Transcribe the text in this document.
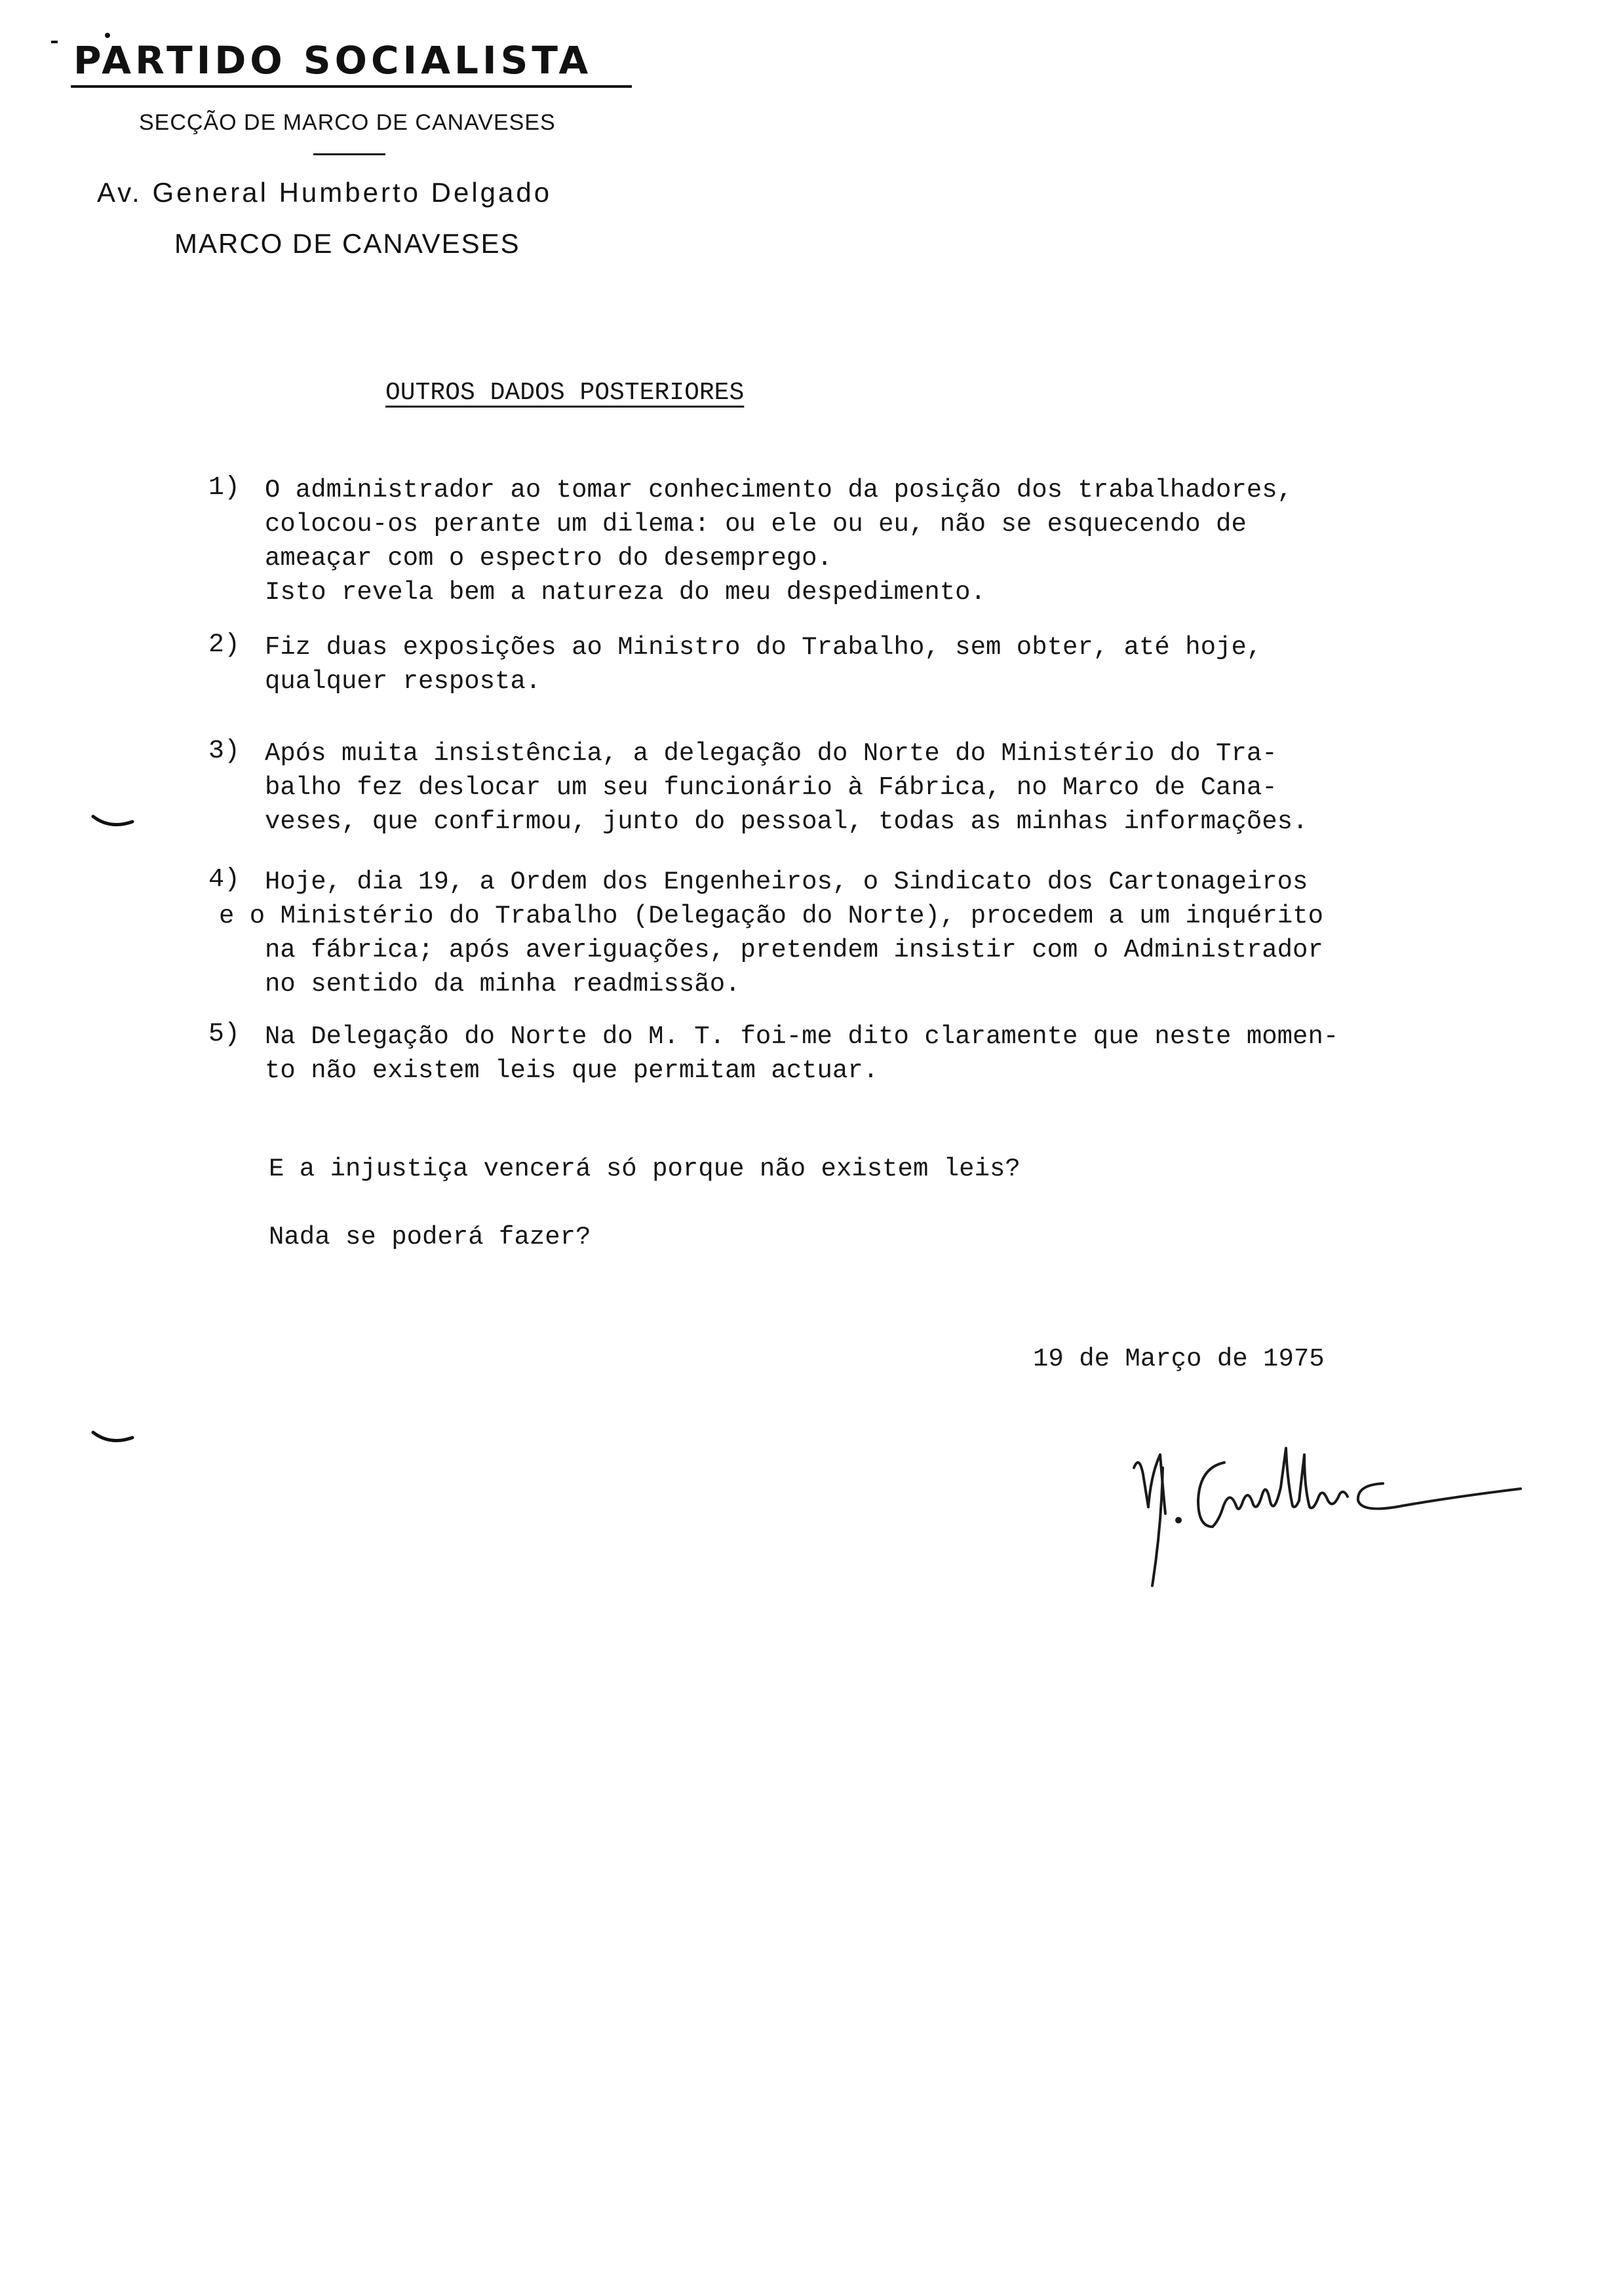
PARTIDO SOCIALISTA
SECÇÃO DE MARCO DE CANAVESES
Av. General Humberto Delgado
MARCO DE CANAVESES
OUTROS DADOS POSTERIORES
1) O administrador ao tomar conhecimento da posição dos trabalhadores,
colocou-os perante um dilema: ou ele ou eu, não se esquecendo de
ameaçar com o espectro do desemprego.
Isto revela bem a natureza do meu despedimento.
2) Fiz duas exposições ao Ministro do Trabalho, sem obter, até hoje,
qualquer resposta.
3) Após muita insistência, a delegação do Norte do Ministério do Tra-
balho fez deslocar um seu funcionário à Fábrica, no Marco de Cana-
veses, que confirmou, junto do pessoal, todas as minhas informações.
4) Hoje, dia 19, a Ordem dos Engenheiros, o Sindicato dos Cartonageiros
e o Ministério do Trabalho (Delegação do Norte), procedem a um inquérito
na fábrica; após averiguações, pretendem insistir com o Administrador
no sentido da minha readmissão.
5) Na Delegação do Norte do M. T. foi-me dito claramente que neste momen-
to não existem leis que permitam actuar.
E a injustiça vencerá só porque não existem leis?
Nada se poderá fazer?
19 de Março de 1975
